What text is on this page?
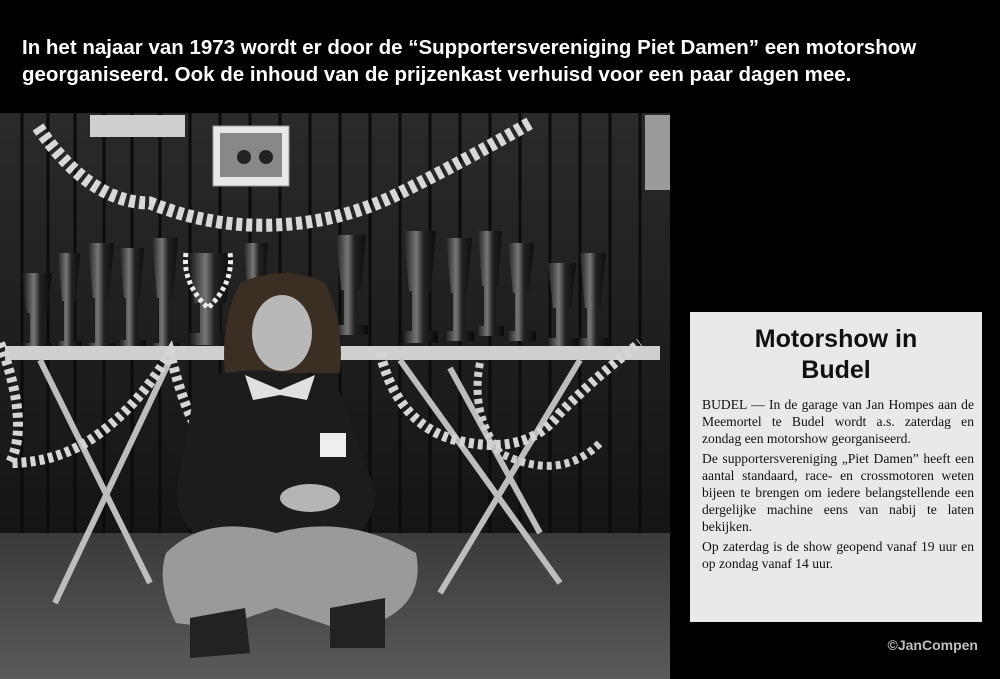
In het najaar van 1973 wordt er door de “Supportersvereniging Piet Damen” een motorshow
georganiseerd. Ook de inhoud van de prijzenkast verhuisd voor een paar dagen mee.
Motorshow in
Budel
BUDEL — In de garage van Jan Hompes aan de Meemortel te Budel wordt a.s. zaterdag en zondag een motorshow georganiseerd.
De supportersvereniging „Piet Damen” heeft een aantal standaard, race- en crossmotoren weten bijeen te brengen om iedere belangstellende een dergelijke machine eens van nabij te laten bekijken.
Op zaterdag is de show geopend vanaf 19 uur en op zondag vanaf 14 uur.
©JanCompen
